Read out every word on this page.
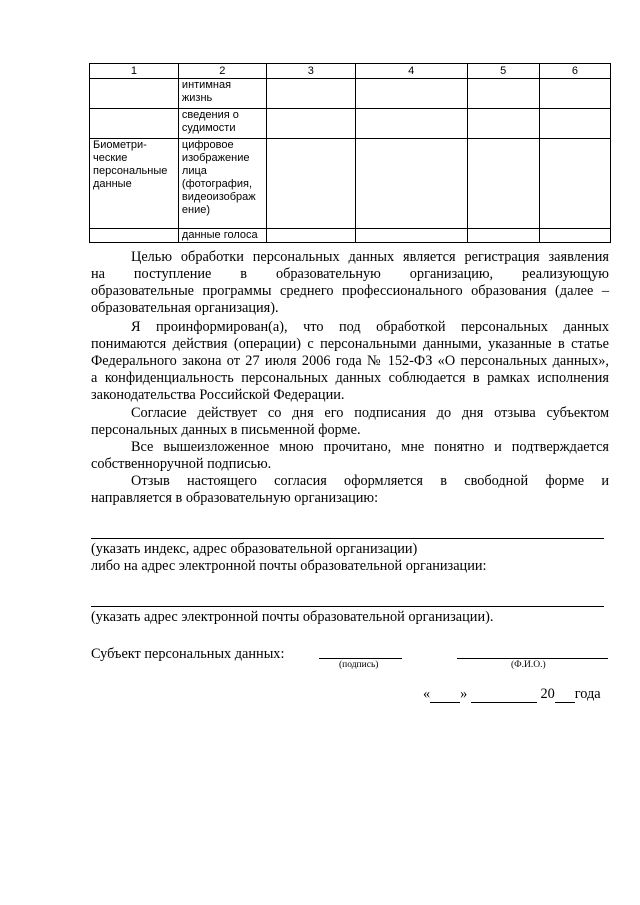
1	2	3	4	5	6
	интимная жизнь				
	сведения о судимости				
Биометри-ческие персональные данные	цифровое изображение лица (фотография, видеоизображ ение)				
	данные голоса				
Целью обработки персональных данных является регистрация заявления
на поступление в образовательную организацию, реализующую
образовательные программы среднего профессионального образования (далее –
образовательная организация).
Я проинформирован(а), что под обработкой персональных данных
понимаются действия (операции) с персональными данными, указанные в статье
Федерального закона от 27 июля 2006 года № 152-ФЗ «О персональных данных»,
а конфиденциальность персональных данных соблюдается в рамках исполнения
законодательства Российской Федерации.
Согласие действует со дня его подписания до дня отзыва субъектом
персональных данных в письменной форме.
Все вышеизложенное мною прочитано, мне понятно и подтверждается
собственноручной подписью.
Отзыв настоящего согласия оформляется в свободной форме и
направляется в образовательную организацию:
(указать индекс, адрес образовательной организации)
либо на адрес электронной почты образовательной организации:
(указать адрес электронной почты образовательной организации).
Субъект персональных данных:
(подпись)	(Ф.И.О.)
« »	20 года
